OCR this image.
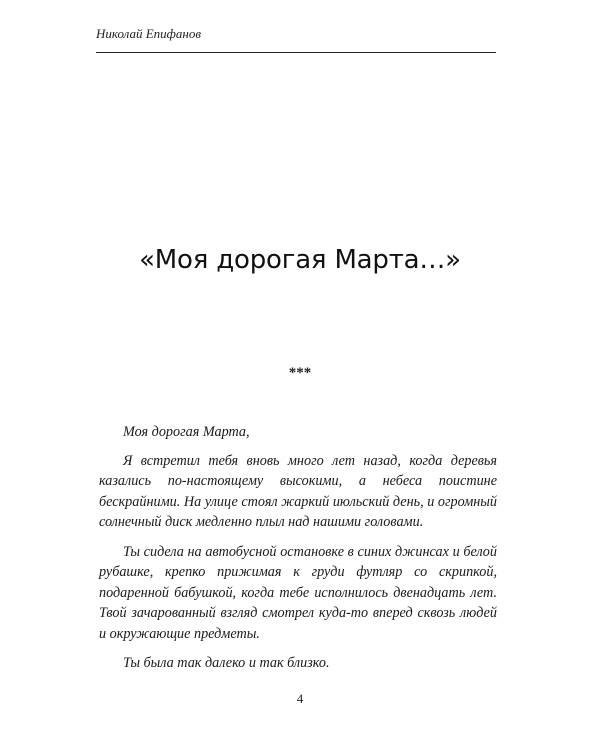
Николай Епифанов
«Моя дорогая Марта…»
***

Моя дорогая Марта,

Я встретил тебя вновь много лет назад, когда деревья казались по-настоящему высокими, а небеса поистине бескрайними. На улице стоял жаркий июльский день, и огромный солнечный диск медленно плыл над нашими головами.

Ты сидела на автобусной остановке в синих джинсах и белой рубашке, крепко прижимая к груди футляр со скрипкой, подаренной бабушкой, когда тебе исполнилось двенадцать лет. Твой зачарованный взгляд смотрел куда-то вперед сквозь людей и окружающие предметы.

Ты была так далеко и так близко.

4
